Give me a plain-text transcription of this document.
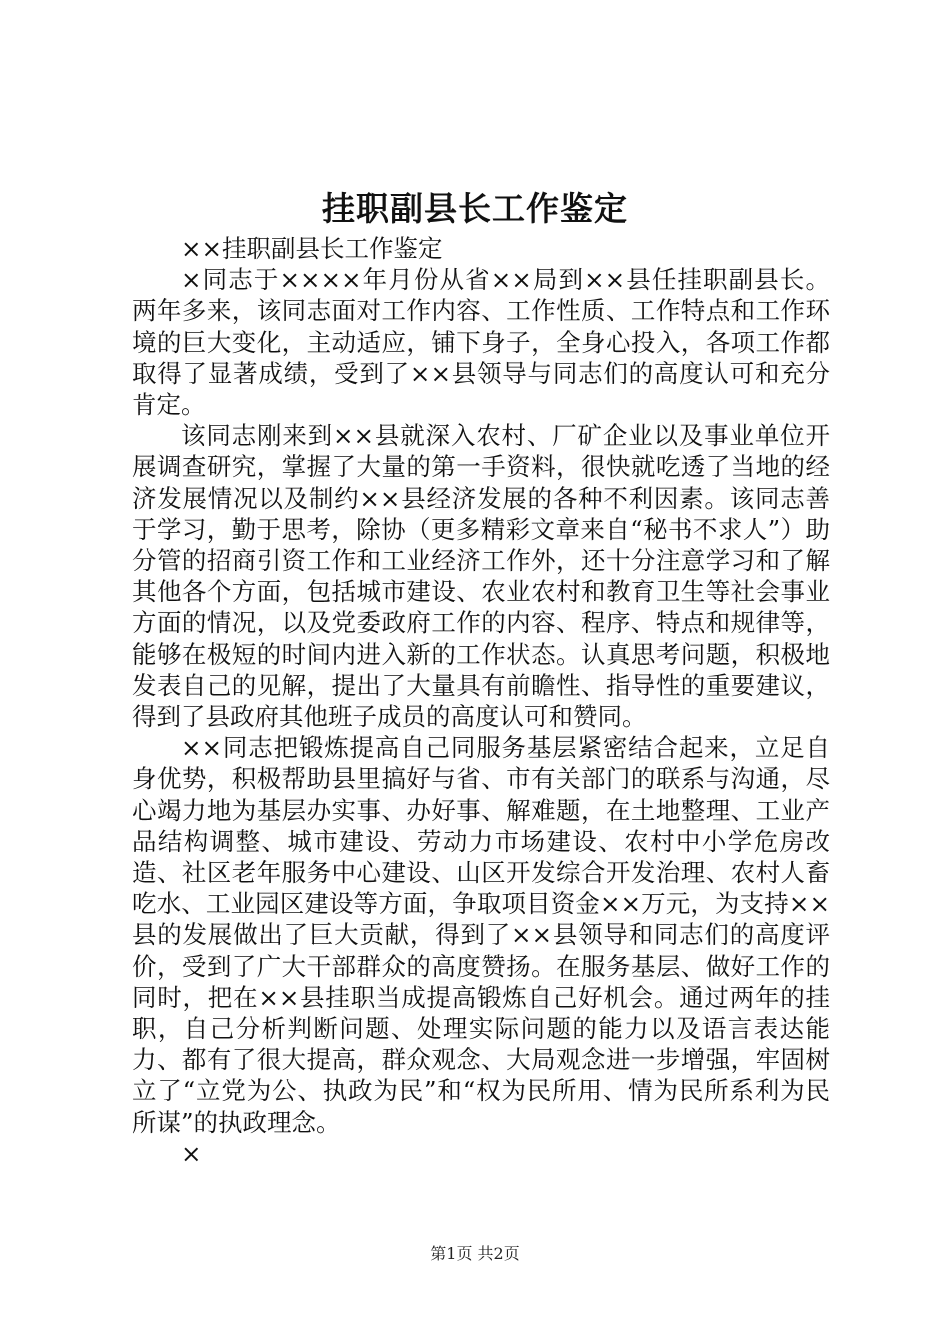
挂职副县长工作鉴定

××挂职副县长工作鉴定

×同志于××××年月份从省××局到××县任挂职副县长。两年多来，该同志面对工作内容、工作性质、工作特点和工作环境的巨大变化，主动适应，铺下身子，全身心投入，各项工作都取得了显著成绩，受到了××县领导与同志们的高度认可和充分肯定。

该同志刚来到××县就深入农村、厂矿企业以及事业单位开展调查研究，掌握了大量的第一手资料，很快就吃透了当地的经济发展情况以及制约××县经济发展的各种不利因素。该同志善于学习，勤于思考，除协（更多精彩文章来自“秘书不求人”）助分管的招商引资工作和工业经济工作外，还十分注意学习和了解其他各个方面，包括城市建设、农业农村和教育卫生等社会事业方面的情况，以及党委政府工作的内容、程序、特点和规律等，能够在极短的时间内进入新的工作状态。认真思考问题，积极地发表自己的见解，提出了大量具有前瞻性、指导性的重要建议，得到了县政府其他班子成员的高度认可和赞同。

××同志把锻炼提高自己同服务基层紧密结合起来，立足自身优势，积极帮助县里搞好与省、市有关部门的联系与沟通，尽心竭力地为基层办实事、办好事、解难题，在土地整理、工业产品结构调整、城市建设、劳动力市场建设、农村中小学危房改造、社区老年服务中心建设、山区开发综合开发治理、农村人畜吃水、工业园区建设等方面，争取项目资金××万元，为支持××县的发展做出了巨大贡献，得到了××县领导和同志们的高度评价，受到了广大干部群众的高度赞扬。在服务基层、做好工作的同时，把在××县挂职当成提高锻炼自己好机会。通过两年的挂职，自己分析判断问题、处理实际问题的能力以及语言表达能力、都有了很大提高，群众观念、大局观念进一步增强，牢固树立了“立党为公、执政为民”和“权为民所用、情为民所系利为民所谋”的执政理念。

×

第1页 共2页
